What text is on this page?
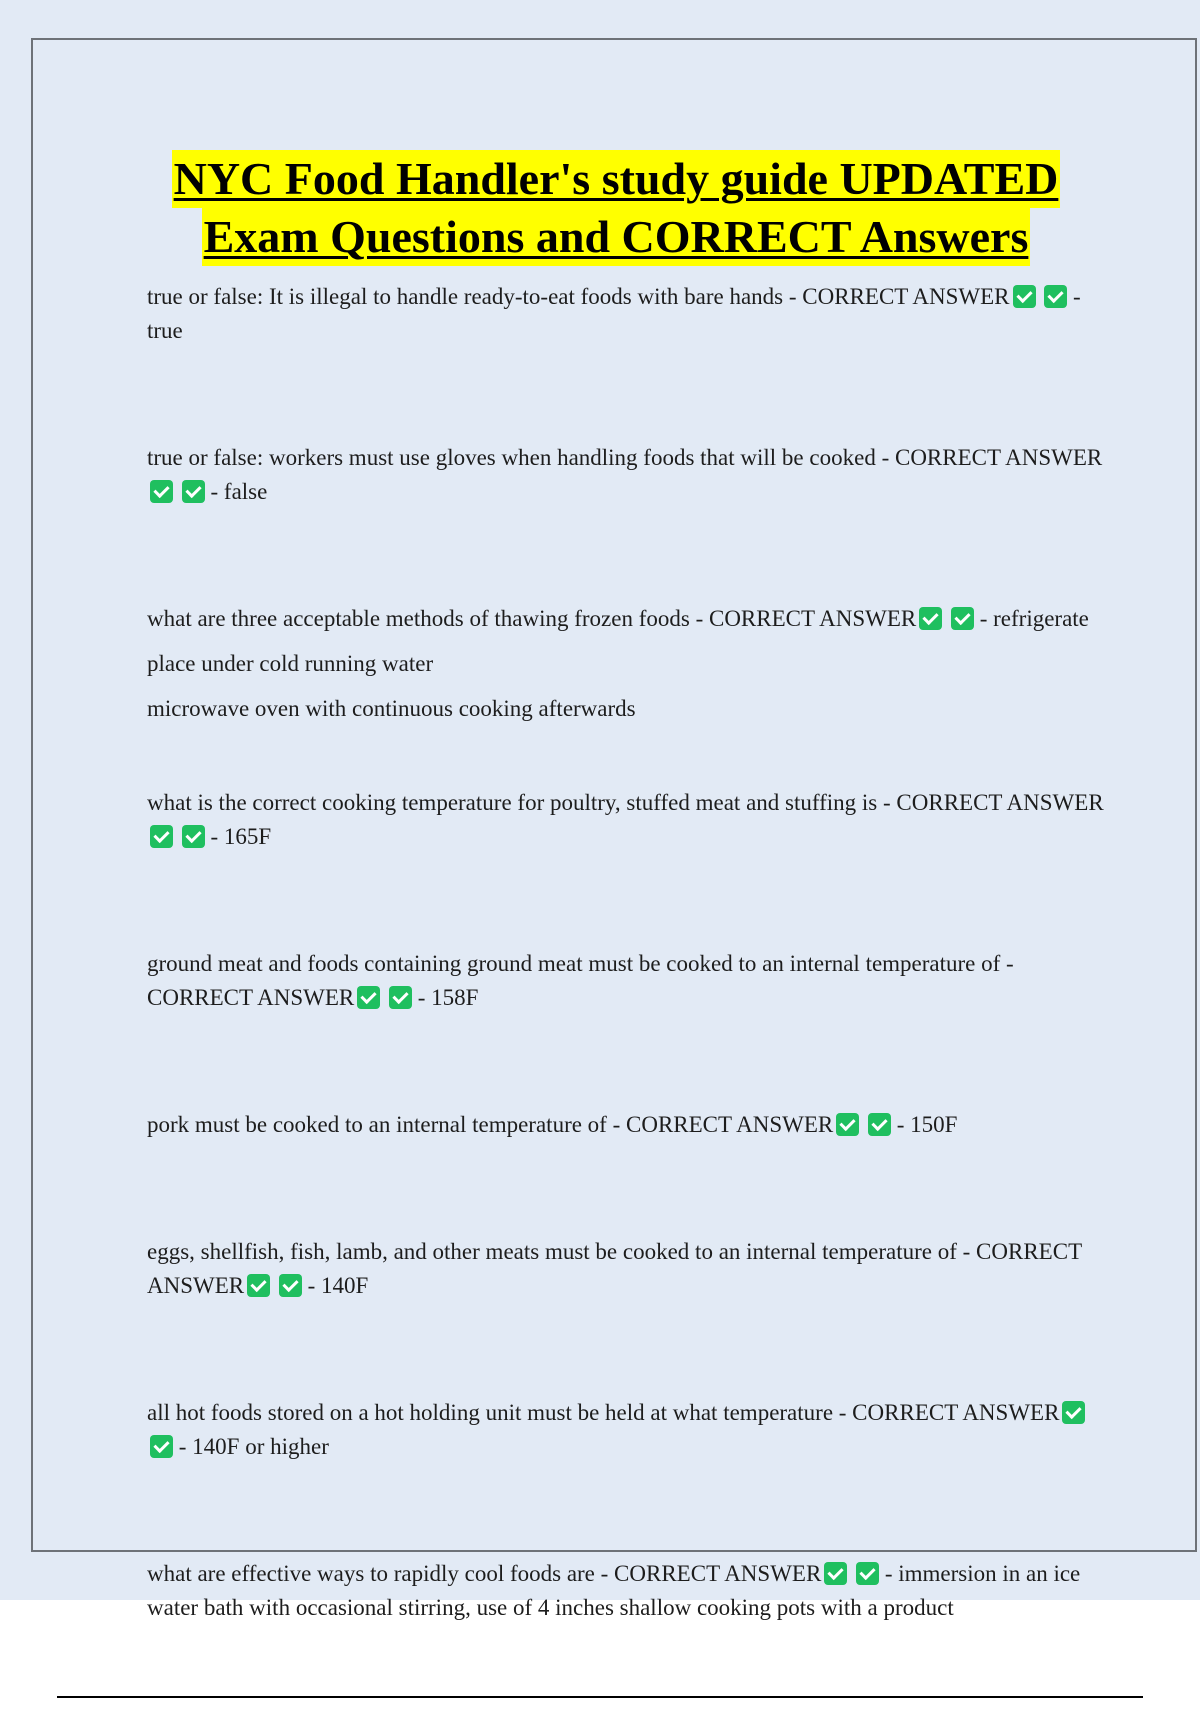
NYC Food Handler's study guide UPDATED
Exam Questions and CORRECT Answers

true or false: It is illegal to handle ready-to-eat foods with bare hands - CORRECT ANSWER	- true

true or false: workers must use gloves when handling foods that will be cooked - CORRECT ANSWER  - false

what are three acceptable methods of thawing frozen foods - CORRECT ANSWER	- refrigerate

place under cold running water

microwave oven with continuous cooking afterwards

what is the correct cooking temperature for poultry, stuffed meat and stuffing is - CORRECT ANSWER  - 165F

ground meat and foods containing ground meat must be cooked to an internal temperature of - CORRECT ANSWER	- 158F

pork must be cooked to an internal temperature of - CORRECT ANSWER	- 150F

eggs, shellfish, fish, lamb, and other meats must be cooked to an internal temperature of - CORRECT ANSWER	- 140F

all hot foods stored on a hot holding unit must be held at what temperature - CORRECT ANSWER  - 140F or higher

what are effective ways to rapidly cool foods are - CORRECT ANSWER	- immersion in an ice water bath with occasional stirring, use of 4 inches shallow cooking pots with a product
